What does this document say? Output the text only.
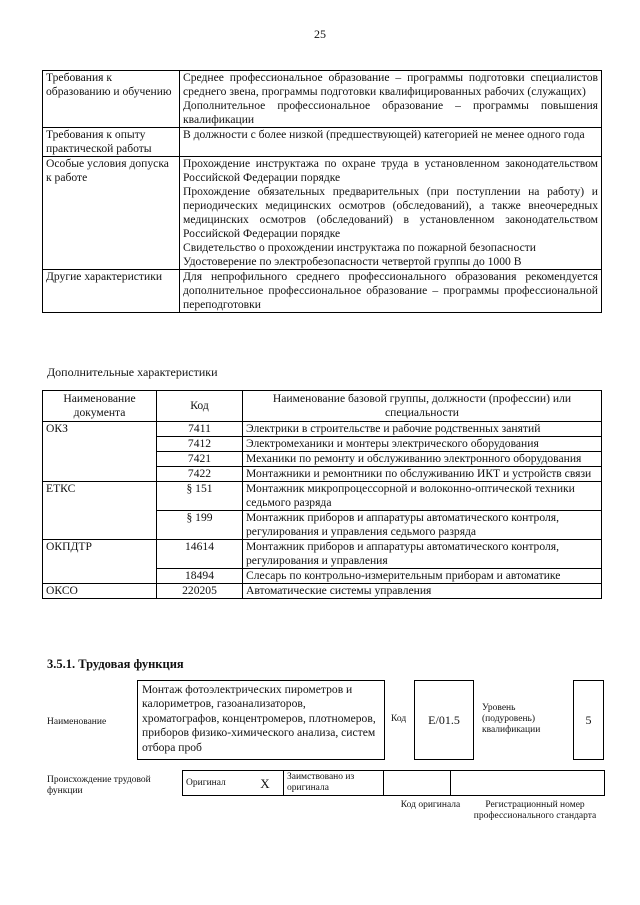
25
Требования к образованию и обучению	Среднее профессиональное образование – программы подготовки специалистов среднего звена, программы подготовки квалифицированных рабочих (служащих)
Дополнительное профессиональное образование – программы повышения квалификации

Требования к опыту практической работы	В должности с более низкой (предшествующей) категорией не менее одного года

Особые условия допуска к работе	Прохождение инструктажа по охране труда в установленном законодательством Российской Федерации порядке
Прохождение обязательных предварительных (при поступлении на работу) и периодических медицинских осмотров (обследований), а также внеочередных медицинских осмотров (обследований) в установленном законодательством Российской Федерации порядке
Свидетельство о прохождении инструктажа по пожарной безопасности
Удостоверение по электробезопасности четвертой группы до 1000 В

Другие характеристики	Для непрофильного среднего профессионального образования рекомендуется дополнительное профессиональное образование – программы профессиональной переподготовки
Дополнительные характеристики
Наименование документа	Код	Наименование базовой группы, должности (профессии) или специальности
ОКЗ	7411	Электрики в строительстве и рабочие родственных занятий
	7412	Электромеханики и монтеры электрического оборудования
	7421	Механики по ремонту и обслуживанию электронного оборудования
	7422	Монтажники и ремонтники по обслуживанию ИКТ и устройств связи
ЕТКС	§ 151	Монтажник микропроцессорной и волоконно-оптической техники седьмого разряда
	§ 199	Монтажник приборов и аппаратуры автоматического контроля, регулирования и управления седьмого разряда
ОКПДТР	14614	Монтажник приборов и аппаратуры автоматического контроля, регулирования и управления
	18494	Слесарь по контрольно-измерительным приборам и автоматике
ОКСО	220205	Автоматические системы управления
3.5.1. Трудовая функция
Наименование
Монтаж фотоэлектрических пирометров и калориметров, газоанализаторов, хроматографов, концентромеров, плотномеров, приборов физико-химического анализа, систем отбора проб
Код E/01.5
Уровень (подуровень) квалификации
5
Происхождение трудовой функции
Оригинал	X	Заимствовано из оригинала		
Код оригинала	Регистрационный номер профессионального стандарта
